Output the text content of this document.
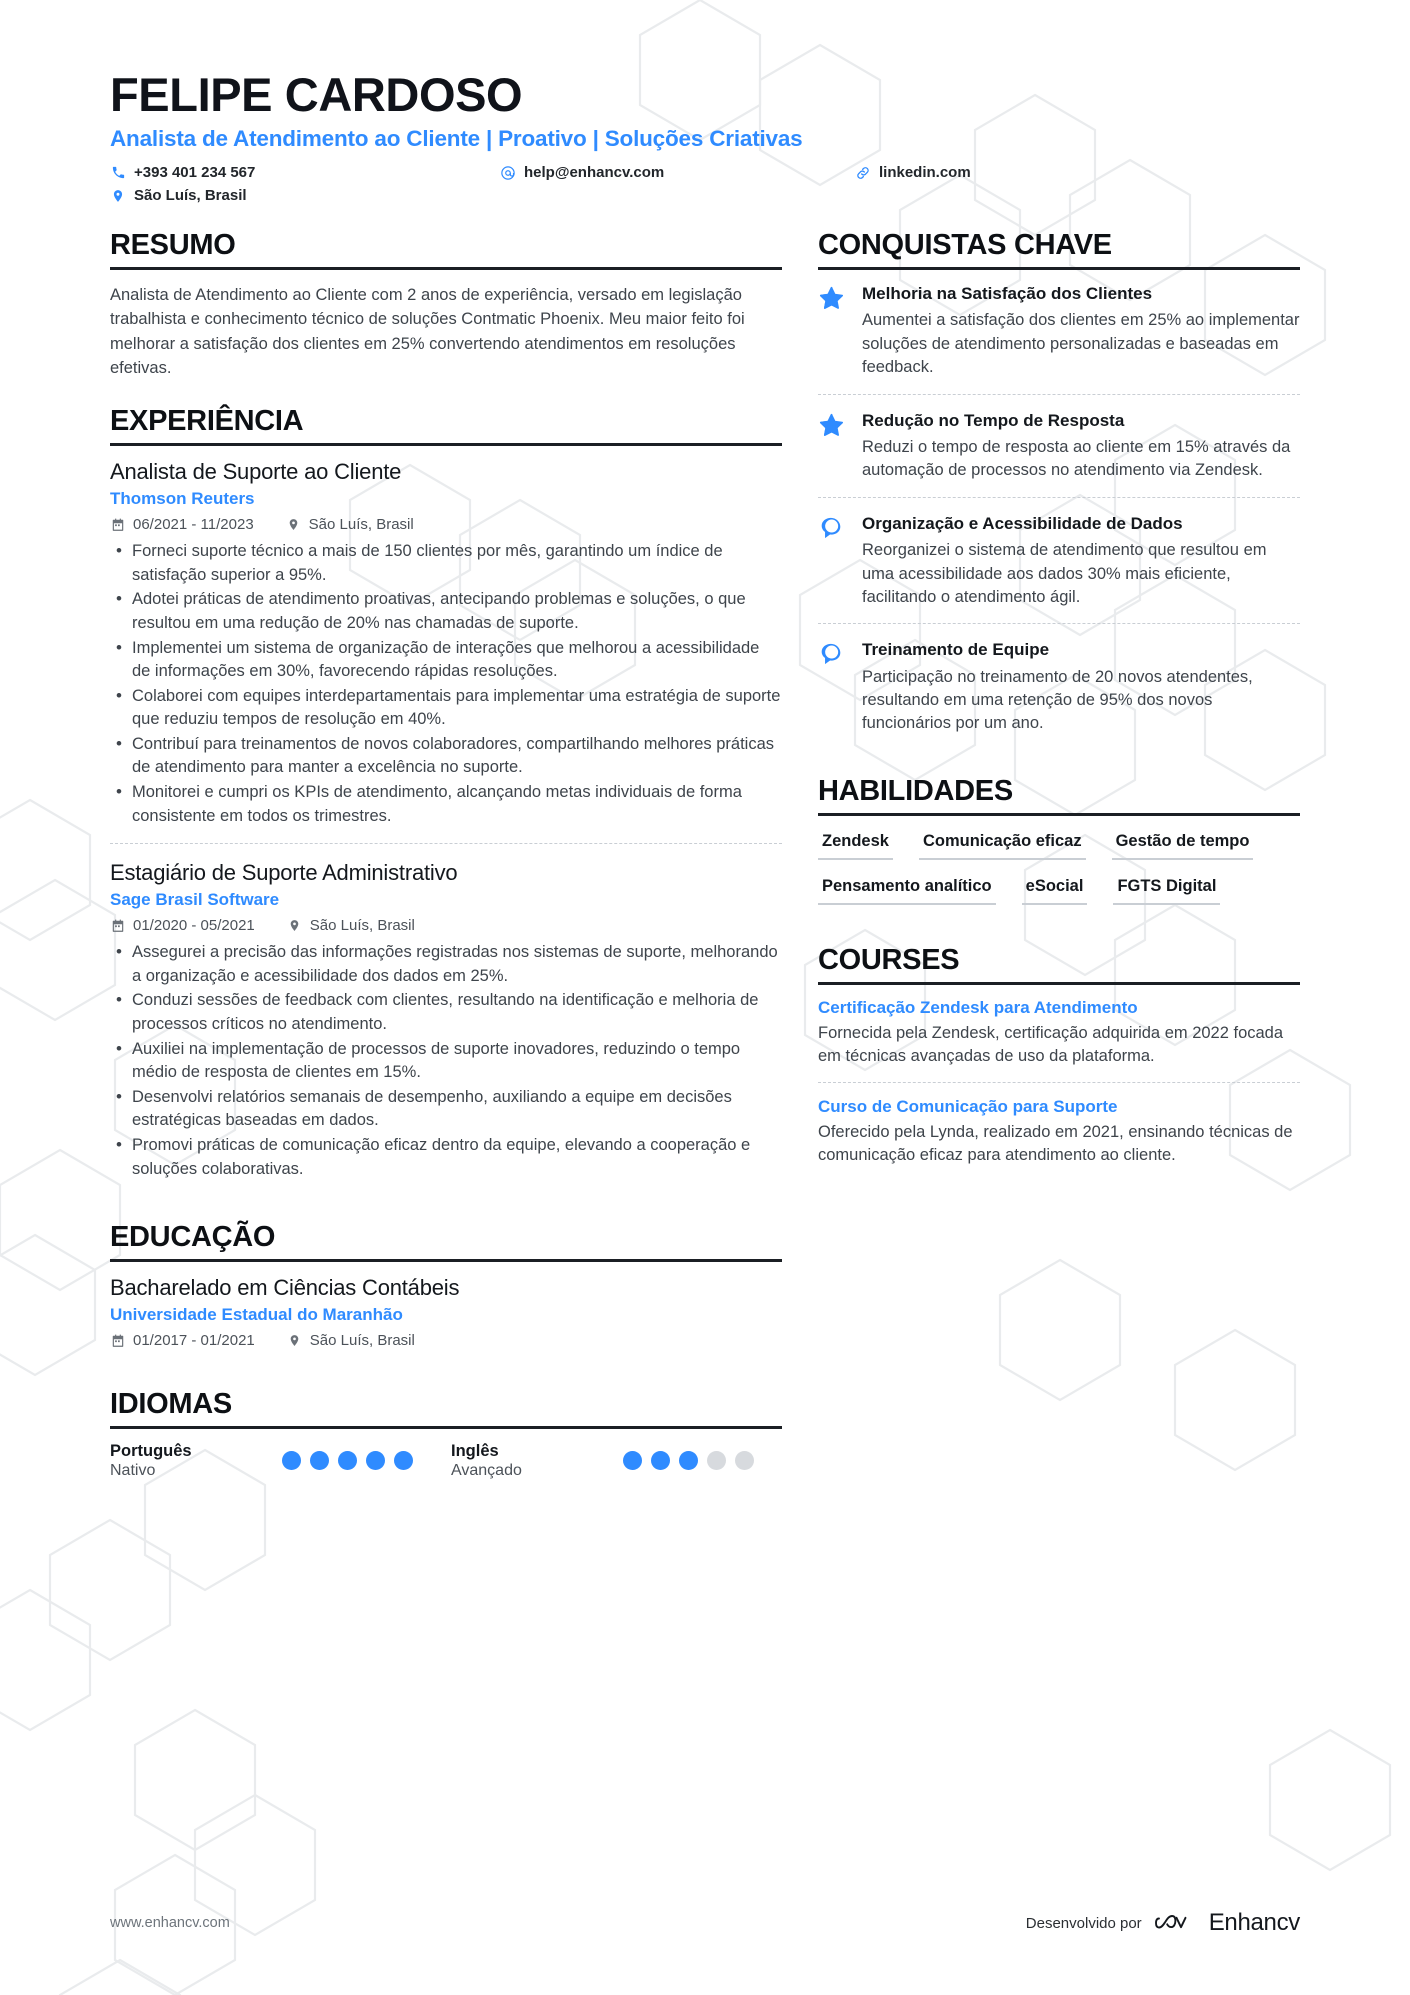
FELIPE CARDOSO
Analista de Atendimento ao Cliente | Proativo | Soluções Criativas
+393 401 234 567	help@enhancv.com	linkedin.com
São Luís, Brasil
RESUMO
Analista de Atendimento ao Cliente com 2 anos de experiência, versado em legislação trabalhista e conhecimento técnico de soluções Contmatic Phoenix. Meu maior feito foi melhorar a satisfação dos clientes em 25% convertendo atendimentos em resoluções efetivas.
EXPERIÊNCIA
Analista de Suporte ao Cliente
Thomson Reuters
06/2021 - 11/2023	São Luís, Brasil
• Forneci suporte técnico a mais de 150 clientes por mês, garantindo um índice de satisfação superior a 95%.
• Adotei práticas de atendimento proativas, antecipando problemas e soluções, o que resultou em uma redução de 20% nas chamadas de suporte.
• Implementei um sistema de organização de interações que melhorou a acessibilidade de informações em 30%, favorecendo rápidas resoluções.
• Colaborei com equipes interdepartamentais para implementar uma estratégia de suporte que reduziu tempos de resolução em 40%.
• Contribuí para treinamentos de novos colaboradores, compartilhando melhores práticas de atendimento para manter a excelência no suporte.
• Monitorei e cumpri os KPIs de atendimento, alcançando metas individuais de forma consistente em todos os trimestres.
Estagiário de Suporte Administrativo
Sage Brasil Software
01/2020 - 05/2021	São Luís, Brasil
• Assegurei a precisão das informações registradas nos sistemas de suporte, melhorando a organização e acessibilidade dos dados em 25%.
• Conduzi sessões de feedback com clientes, resultando na identificação e melhoria de processos críticos no atendimento.
• Auxiliei na implementação de processos de suporte inovadores, reduzindo o tempo médio de resposta de clientes em 15%.
• Desenvolvi relatórios semanais de desempenho, auxiliando a equipe em decisões estratégicas baseadas em dados.
• Promovi práticas de comunicação eficaz dentro da equipe, elevando a cooperação e soluções colaborativas.
EDUCAÇÃO
Bacharelado em Ciências Contábeis
Universidade Estadual do Maranhão
01/2017 - 01/2021	São Luís, Brasil
IDIOMAS
Português
Nativo
Inglês
Avançado
CONQUISTAS CHAVE
Melhoria na Satisfação dos Clientes
Aumentei a satisfação dos clientes em 25% ao implementar soluções de atendimento personalizadas e baseadas em feedback.
Redução no Tempo de Resposta
Reduzi o tempo de resposta ao cliente em 15% através da automação de processos no atendimento via Zendesk.
Organização e Acessibilidade de Dados
Reorganizei o sistema de atendimento que resultou em uma acessibilidade aos dados 30% mais eficiente, facilitando o atendimento ágil.
Treinamento de Equipe
Participação no treinamento de 20 novos atendentes, resultando em uma retenção de 95% dos novos funcionários por um ano.
HABILIDADES
Zendesk Comunicação eficaz Gestão de tempo
Pensamento analítico eSocial FGTS Digital
COURSES
Certificação Zendesk para Atendimento
Fornecida pela Zendesk, certificação adquirida em 2022 focada em técnicas avançadas de uso da plataforma.
Curso de Comunicação para Suporte
Oferecido pela Lynda, realizado em 2021, ensinando técnicas de comunicação eficaz para atendimento ao cliente.
www.enhancv.com	Desenvolvido por	Enhancv
